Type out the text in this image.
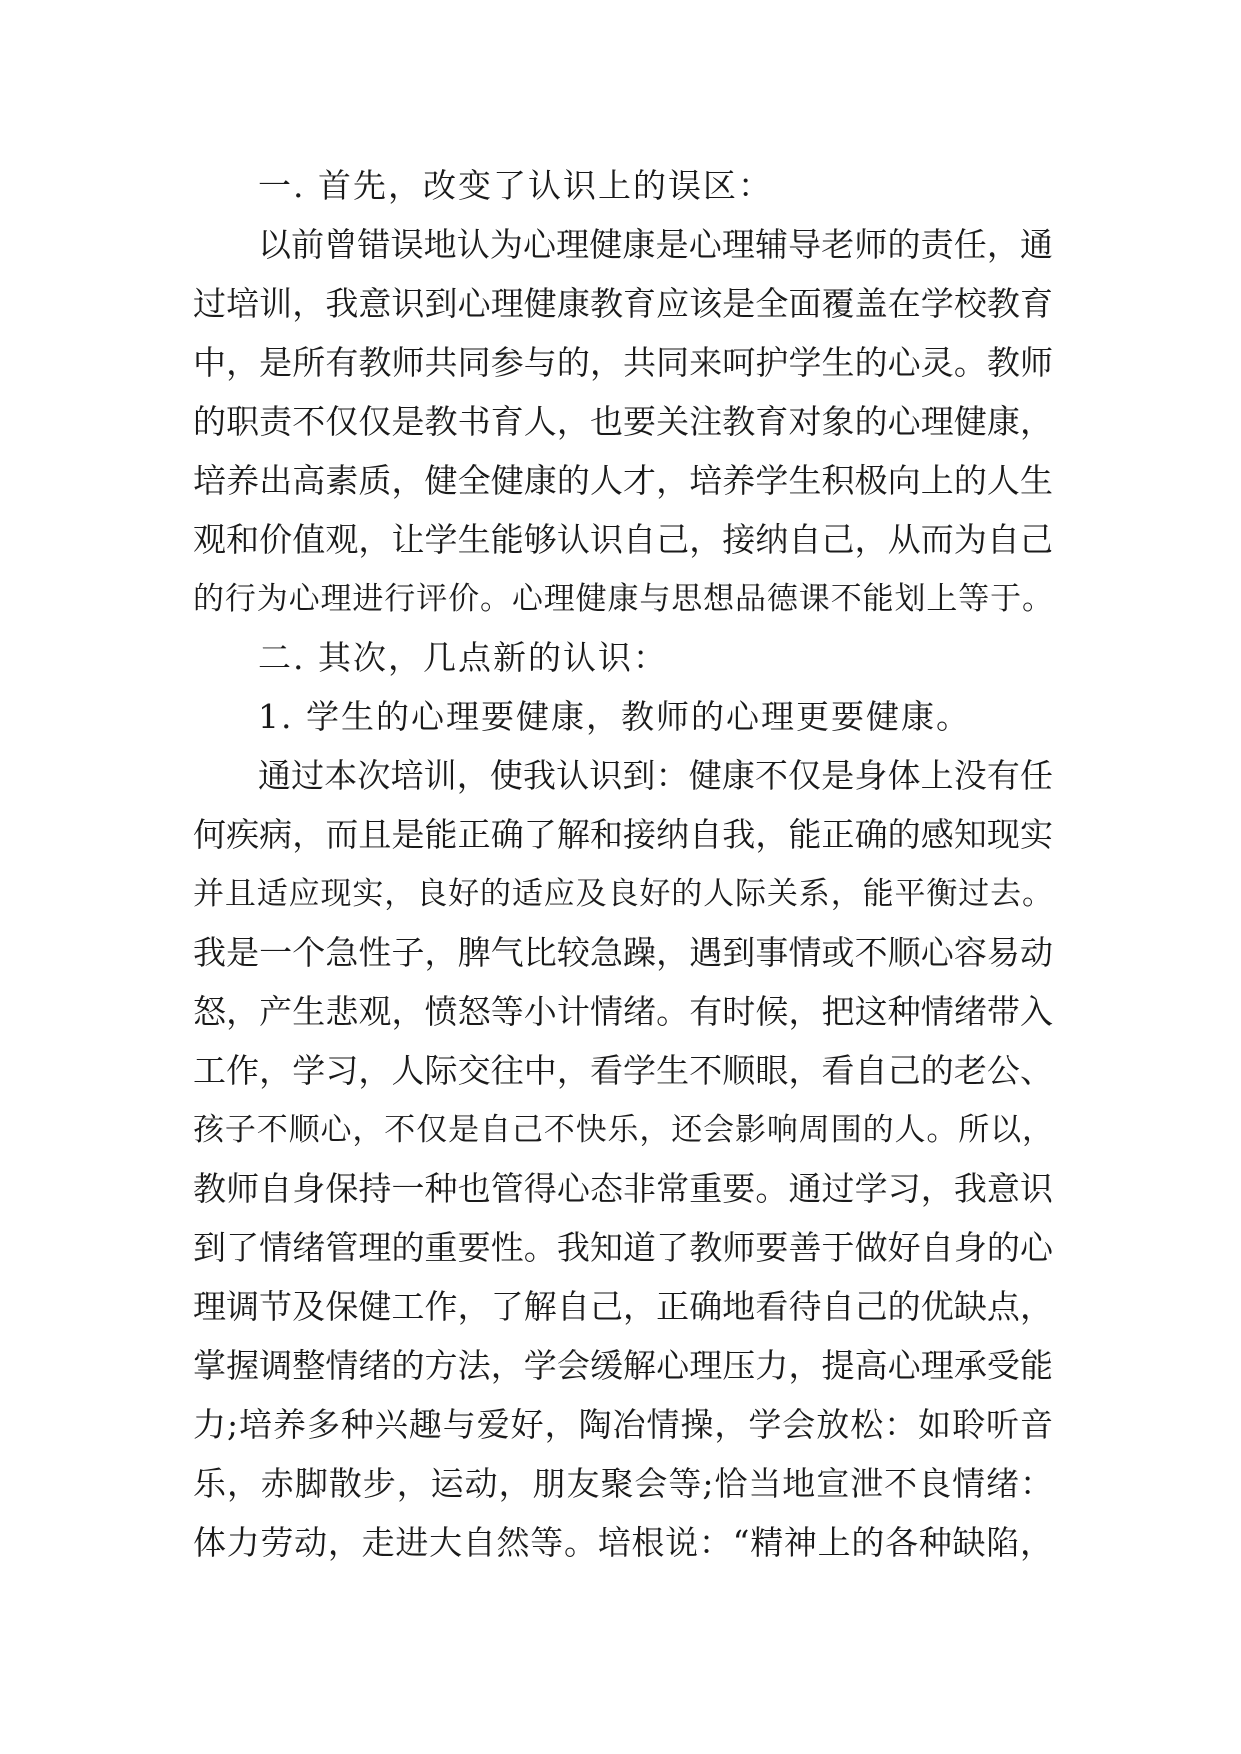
一. 首先，改变了认识上的误区：
以前曾错误地认为心理健康是心理辅导老师的责任，通
过培训，我意识到心理健康教育应该是全面覆盖在学校教育
中，是所有教师共同参与的，共同来呵护学生的心灵。教师
的职责不仅仅是教书育人，也要关注教育对象的心理健康，
培养出高素质，健全健康的人才，培养学生积极向上的人生
观和价值观，让学生能够认识自己，接纳自己，从而为自己
的行为心理进行评价。心理健康与思想品德课不能划上等于。
二. 其次，几点新的认识：
1. 学生的心理要健康，教师的心理更要健康。
通过本次培训，使我认识到：健康不仅是身体上没有任
何疾病，而且是能正确了解和接纳自我，能正确的感知现实
并且适应现实，良好的适应及良好的人际关系，能平衡过去。
我是一个急性子，脾气比较急躁，遇到事情或不顺心容易动
怒，产生悲观，愤怒等小计情绪。有时候，把这种情绪带入
工作，学习，人际交往中，看学生不顺眼，看自己的老公、
孩子不顺心，不仅是自己不快乐，还会影响周围的人。所以，
教师自身保持一种也管得心态非常重要。通过学习，我意识
到了情绪管理的重要性。我知道了教师要善于做好自身的心
理调节及保健工作，了解自己，正确地看待自己的优缺点，
掌握调整情绪的方法，学会缓解心理压力，提高心理承受能
力;培养多种兴趣与爱好，陶冶情操，学会放松：如聆听音
乐，赤脚散步，运动，朋友聚会等;恰当地宣泄不良情绪：
体力劳动，走进大自然等。培根说：“精神上的各种缺陷，
